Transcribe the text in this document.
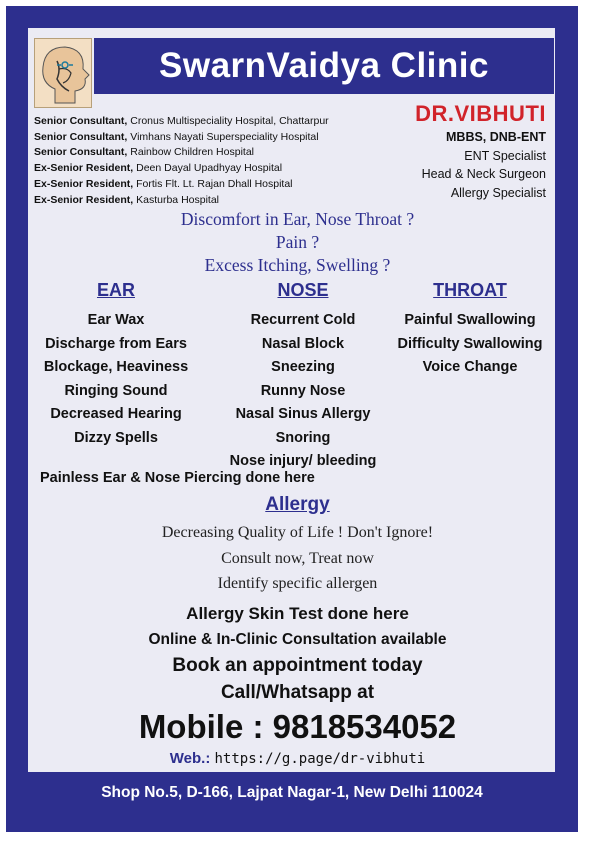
SwarnVaidya Clinic
Senior Consultant, Cronus Multispeciality Hospital, Chattarpur
Senior Consultant, Vimhans Nayati Superspeciality Hospital
Senior Consultant, Rainbow Children Hospital
Ex-Senior Resident, Deen Dayal Upadhyay Hospital
Ex-Senior Resident, Fortis Flt. Lt. Rajan Dhall Hospital
Ex-Senior Resident, Kasturba Hospital
DR.VIBHUTI
MBBS, DNB-ENT
ENT Specialist
Head & Neck Surgeon
Allergy Specialist
Discomfort in Ear, Nose Throat ?
Pain ?
Excess Itching, Swelling ?
EAR
Ear Wax
Discharge from Ears
Blockage, Heaviness
Ringing Sound
Decreased Hearing
Dizzy Spells
NOSE
Recurrent Cold
Nasal Block
Sneezing
Runny Nose
Nasal Sinus Allergy
Snoring
Nose injury/ bleeding
THROAT
Painful Swallowing
Difficulty Swallowing
Voice Change
Painless Ear & Nose Piercing done here
Allergy
Decreasing Quality of Life ! Don't Ignore!
Consult now, Treat now
Identify specific allergen
Allergy Skin Test done here
Online & In-Clinic Consultation available
Book an appointment today
Call/Whatsapp at
Mobile : 9818534052
Web.: https://g.page/dr-vibhuti
Shop No.5, D-166, Lajpat Nagar-1, New Delhi 110024
